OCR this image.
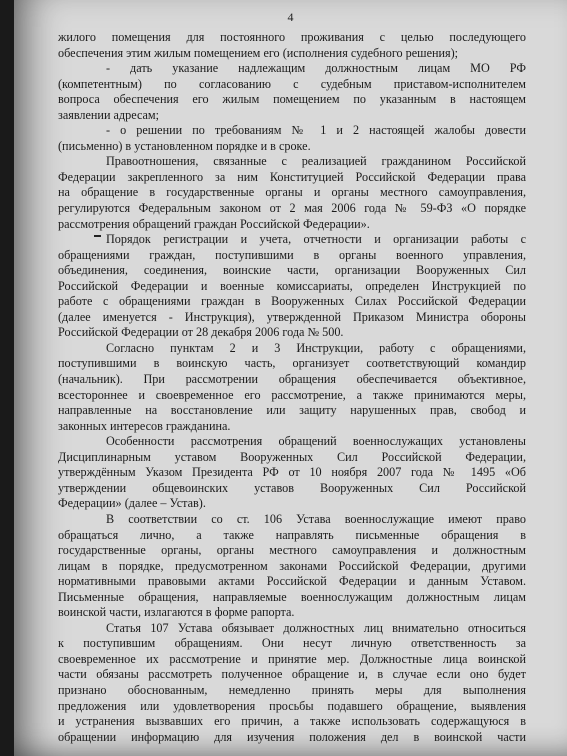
4
жилого помещения для постоянного проживания с целью последующего
обеспечения этим жилым помещением его (исполнения судебного решения);
- дать указание надлежащим должностным лицам МО РФ
(компетентным) по согласованию с судебным приставом-исполнителем
вопроса обеспечения его жилым помещением по указанным в настоящем
заявлении адресам;
- о решении по требованиям № 1 и 2 настоящей жалобы довести
(письменно) в установленном порядке и в сроке.
Правоотношения, связанные с реализацией гражданином Российской
Федерации закрепленного за ним Конституцией Российской Федерации права
на обращение в государственные органы и органы местного самоуправления,
регулируются Федеральным законом от 2 мая 2006 года № 59-ФЗ «О порядке
рассмотрения обращений граждан Российской Федерации».
Порядок регистрации и учета, отчетности и организации работы с
обращениями граждан, поступившими в органы военного управления,
объединения, соединения, воинские части, организации Вооруженных Сил
Российской Федерации и военные комиссариаты, определен Инструкцией по
работе с обращениями граждан в Вооруженных Силах Российской Федерации
(далее именуется - Инструкция), утвержденной Приказом Министра обороны
Российской Федерации от 28 декабря 2006 года № 500.
Согласно пунктам 2 и 3 Инструкции, работу с обращениями,
поступившими в воинскую часть, организует соответствующий командир
(начальник). При рассмотрении обращения обеспечивается объективное,
всестороннее и своевременное его рассмотрение, а также принимаются меры,
направленные на восстановление или защиту нарушенных прав, свобод и
законных интересов гражданина.
Особенности рассмотрения обращений военнослужащих установлены
Дисциплинарным уставом Вооруженных Сил Российской Федерации,
утверждённым Указом Президента РФ от 10 ноября 2007 года № 1495 «Об
утверждении общевоинских уставов Вооруженных Сил Российской
Федерации» (далее – Устав).
В соответствии со ст. 106 Устава военнослужащие имеют право
обращаться лично, а также направлять письменные обращения в
государственные органы, органы местного самоуправления и должностным
лицам в порядке, предусмотренном законами Российской Федерации, другими
нормативными правовыми актами Российской Федерации и данным Уставом.
Письменные обращения, направляемые военнослужащим должностным лицам
воинской части, излагаются в форме рапорта.
Статья 107 Устава обязывает должностных лиц внимательно относиться
к поступившим обращениям. Они несут личную ответственность за
своевременное их рассмотрение и принятие мер. Должностные лица воинской
части обязаны рассмотреть полученное обращение и, в случае если оно будет
признано обоснованным, немедленно принять меры для выполнения
предложения или удовлетворения просьбы подавшего обращение, выявления
и устранения вызвавших его причин, а также использовать содержащуюся в
обращении информацию для изучения положения дел в воинской части
